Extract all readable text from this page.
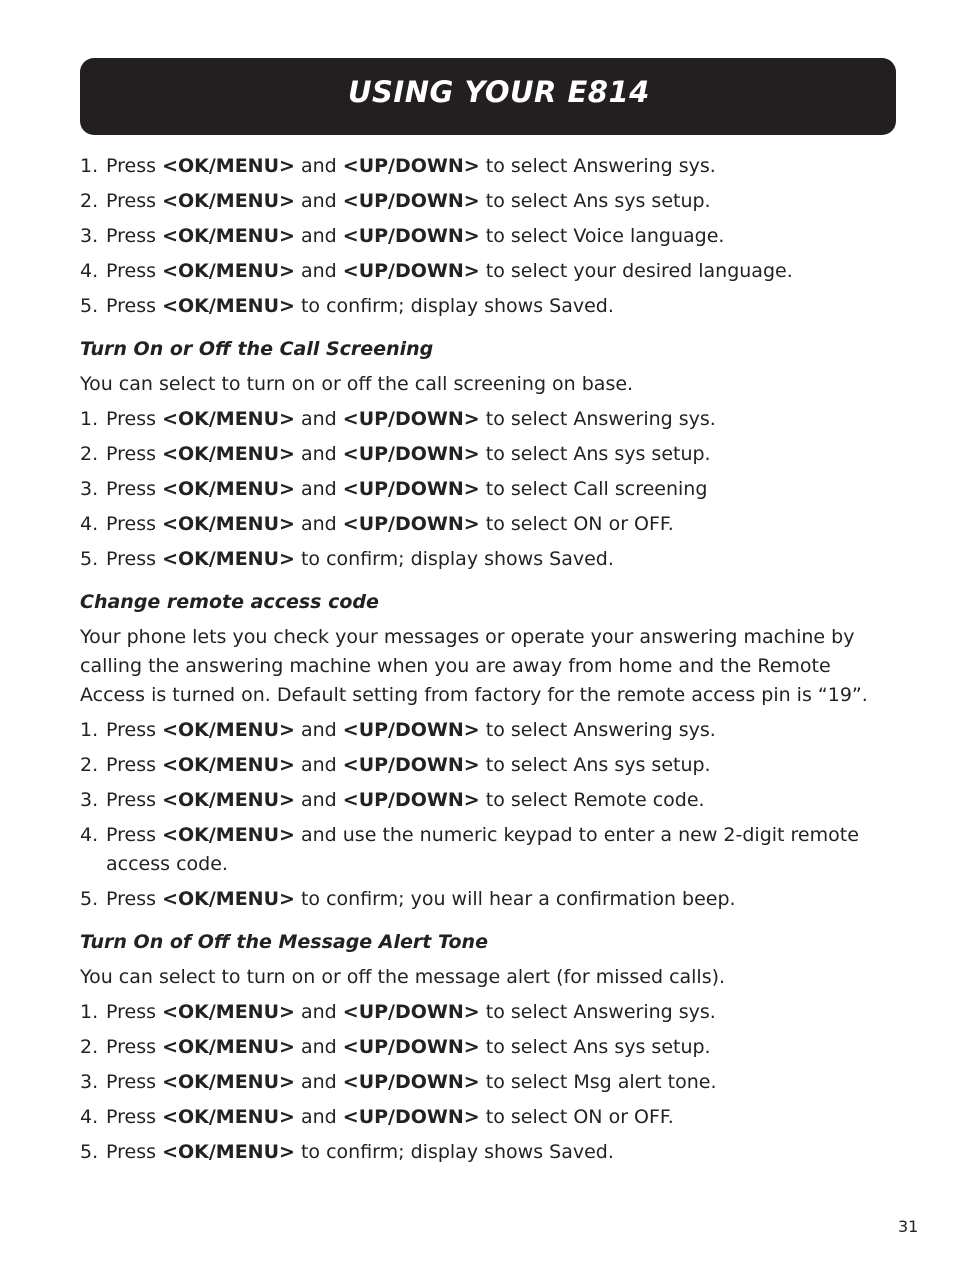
USING YOUR E814
1. Press <OK/MENU> and <UP/DOWN> to select Answering sys.
2. Press <OK/MENU> and <UP/DOWN> to select Ans sys setup.
3. Press <OK/MENU> and <UP/DOWN> to select Voice language.
4. Press <OK/MENU> and <UP/DOWN> to select your desired language.
5. Press <OK/MENU> to confirm; display shows Saved.
Turn On or Off the Call Screening
You can select to turn on or off the call screening on base.
1. Press <OK/MENU> and <UP/DOWN> to select Answering sys.
2. Press <OK/MENU> and <UP/DOWN> to select Ans sys setup.
3. Press <OK/MENU> and <UP/DOWN> to select Call screening
4. Press <OK/MENU> and <UP/DOWN> to select ON or OFF.
5. Press <OK/MENU> to confirm; display shows Saved.
Change remote access code
Your phone lets you check your messages or operate your answering machine by calling the answering machine when you are away from home and the Remote Access is turned on. Default setting from factory for the remote access pin is “19”.
1. Press <OK/MENU> and <UP/DOWN> to select Answering sys.
2. Press <OK/MENU> and <UP/DOWN> to select Ans sys setup.
3. Press <OK/MENU> and <UP/DOWN> to select Remote code.
4. Press <OK/MENU> and use the numeric keypad to enter a new 2-digit remote access code.
5. Press <OK/MENU> to confirm; you will hear a confirmation beep.
Turn On of Off the Message Alert Tone
You can select to turn on or off the message alert (for missed calls).
1. Press <OK/MENU> and <UP/DOWN> to select Answering sys.
2. Press <OK/MENU> and <UP/DOWN> to select Ans sys setup.
3. Press <OK/MENU> and <UP/DOWN> to select Msg alert tone.
4. Press <OK/MENU> and <UP/DOWN> to select ON or OFF.
5. Press <OK/MENU> to confirm; display shows Saved.
31
